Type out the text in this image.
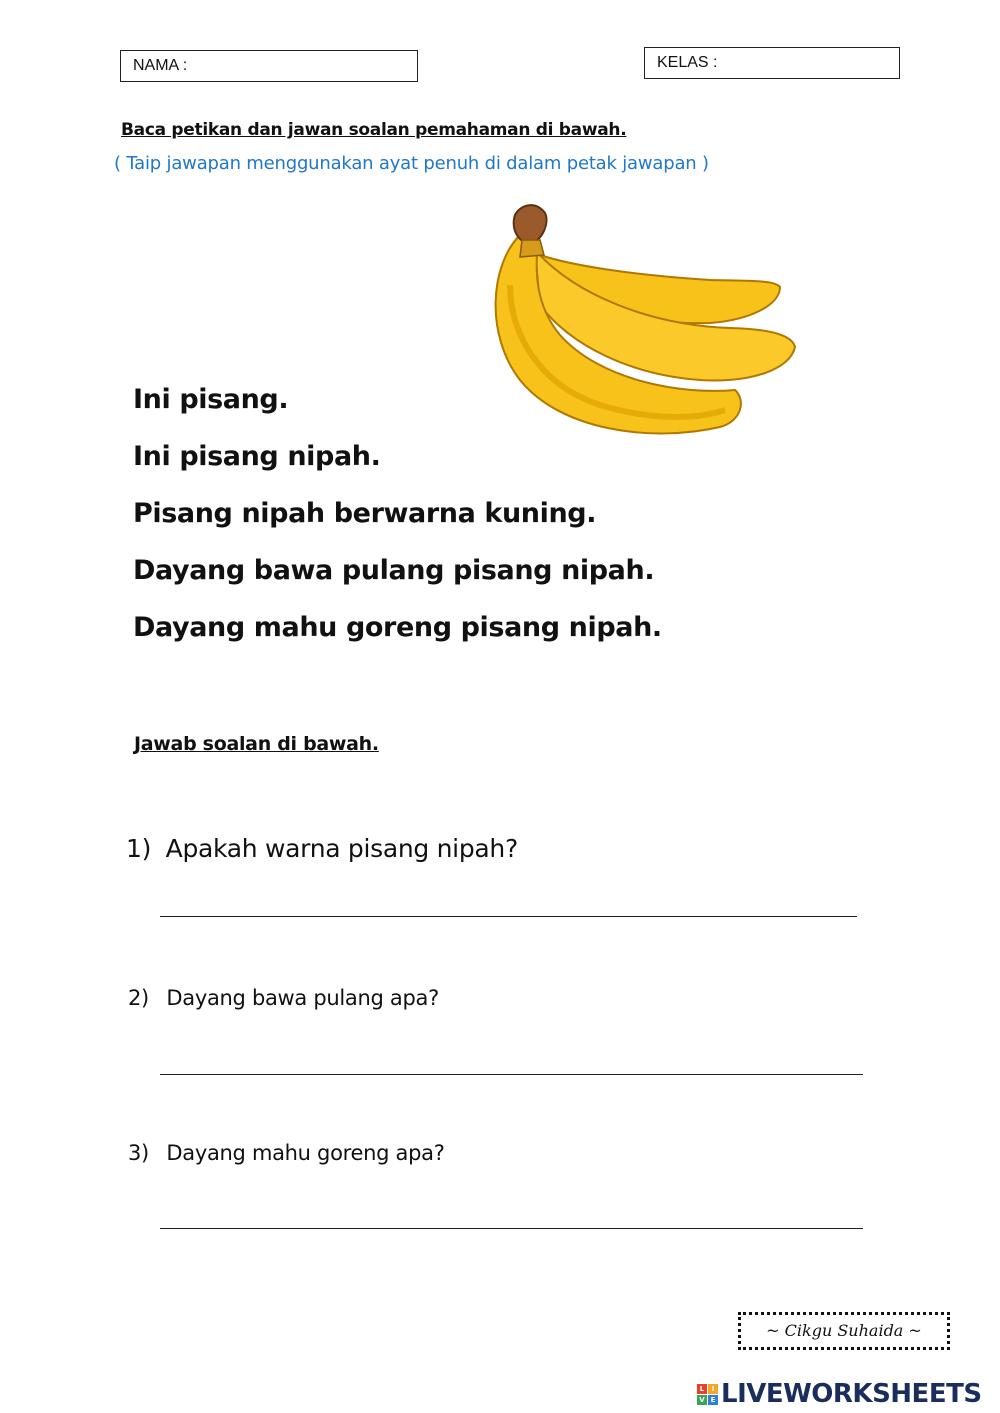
NAMA :	KELAS :
Baca petikan dan jawan soalan pemahaman di bawah.
( Taip jawapan menggunakan ayat penuh di dalam petak jawapan )
Ini pisang.
Ini pisang nipah.
Pisang nipah berwarna kuning.
Dayang bawa pulang pisang nipah.
Dayang mahu goreng pisang nipah.
Jawab soalan di bawah.
1) Apakah warna pisang nipah?
2) Dayang bawa pulang apa?
3) Dayang mahu goreng apa?
~ Cikgu Suhaida ~
L	I
V E LIVEWORKSHEETS
